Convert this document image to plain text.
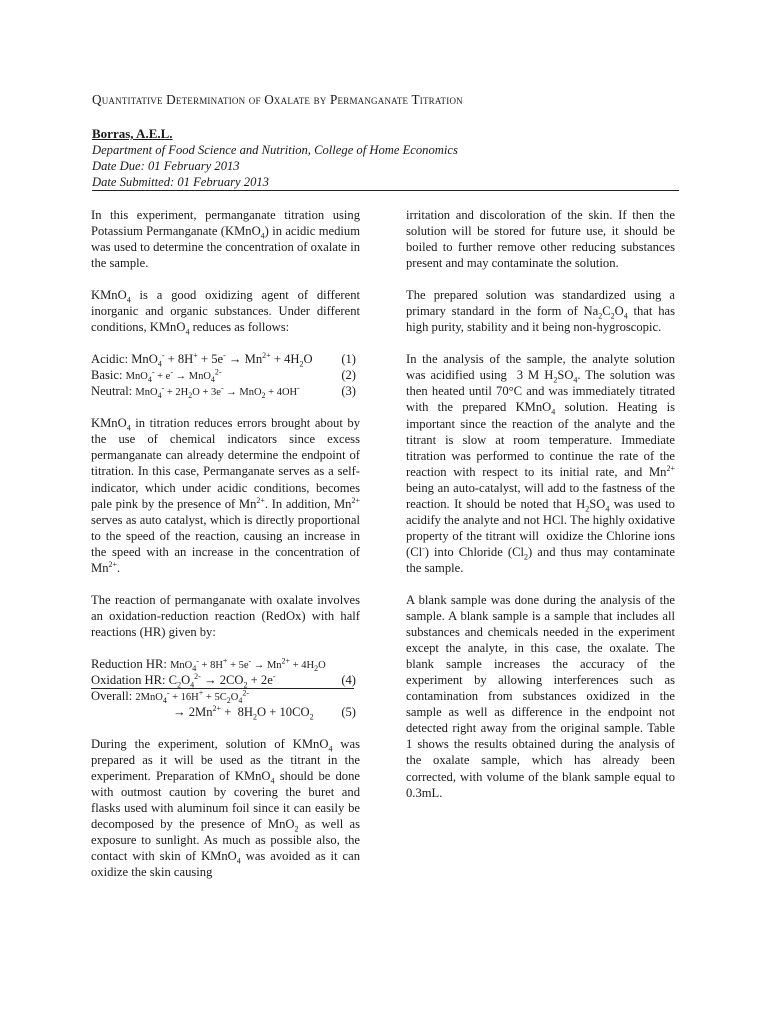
Quantitative Determination of Oxalate by Permanganate Titration
Borras, A.E.L.
Department of Food Science and Nutrition, College of Home Economics
Date Due: 01 February 2013
Date Submitted: 01 February 2013

In this experiment, permanganate titration using Potassium Permanganate (KMnO$_4$) in acidic medium was used to determine the concentration of oxalate in the sample.

KMnO$_4$ is a good oxidizing agent of different inorganic and organic substances. Under different conditions, KMnO$_4$ reduces as follows:

Acidic: $MnO_4^- + 8H^+ + 5e^- \to Mn^{2+} + 4H_2O$ (1)
Basic: MnO$_4$- + e- → MnO$_4^{2-}$	(2)
Neutral: $MnO_4^- + 2H_2O + 3e^- \to MnO_2 + 4OH^-$	(3)

KMnO$_4$ in titration reduces errors brought about by the use of chemical indicators since excess permanganate can already determine the endpoint of titration. In this case, Permanganate serves as a self-indicator, which under acidic conditions, becomes pale pink by the presence of $Mn^{2+}$. In addition, $Mn^{2+}$ serves as auto catalyst, which is directly proportional to the speed of the reaction, causing an increase in the speed with an increase in the concentration of $Mn^{2+}$.

The reaction of permanganate with oxalate involves an oxidation-reduction reaction (RedOx) with half reactions (HR) given by:

Reduction HR: $MnO_4^- + 8H^+ + 5e^- \to Mn^{2+} + 4H_2O$
Oxidation HR: $C_2O_4^{2-} \to 2CO_2 + 2e^-$	(4)
Overall: $2MnO_4^- + 16H^+ + 5C_2O_4^{2-}$
→ $2Mn^{2+} + 8H_2O + 10CO_2$ (5)

During the experiment, solution of KMnO$_4$ was prepared as it will be used as the titrant in the experiment. Preparation of KMnO$_4$ should be done with outmost caution by covering the buret and flasks used with aluminum foil since it can easily be decomposed by the presence of MnO$_2$ as well as exposure to sunlight. As much as possible also, the contact with skin of KMnO$_4$ was avoided as it can oxidize the skin causing

irritation and discoloration of the skin. If then the solution will be stored for future use, it should be boiled to further remove other reducing substances present and may contaminate the solution.

The prepared solution was standardized using a primary standard in the form of $Na_2C_2O_4$ that has high purity, stability and it being non-hygroscopic.

In the analysis of the sample, the analyte solution was acidified using  3 M $H_2SO_4$. The solution was then heated until 70°C and was immediately titrated with the prepared KMnO$_4$ solution. Heating is important since the reaction of the analyte and the titrant is slow at room temperature. Immediate titration was performed to continue the rate of the reaction with respect to its initial rate, and $Mn^{2+}$ being an auto-catalyst, will add to the fastness of the reaction. It should be noted that $H_2SO_4$ was used to acidify the analyte and not HCl. The highly oxidative property of the titrant will  oxidize the Chlorine ions (Cl-) into Chloride $(Cl_2)$ and thus may contaminate the sample.

A blank sample was done during the analysis of the sample. A blank sample is a sample that includes all substances and chemicals needed in the experiment except the analyte, in this case, the oxalate. The blank sample increases the accuracy of the experiment by allowing interferences such as contamination from substances oxidized in the sample as well as difference in the endpoint not detected right away from the original sample. Table 1 shows the results obtained during the analysis of the oxalate sample, which has already been corrected, with volume of the blank sample equal to 0.3mL.
